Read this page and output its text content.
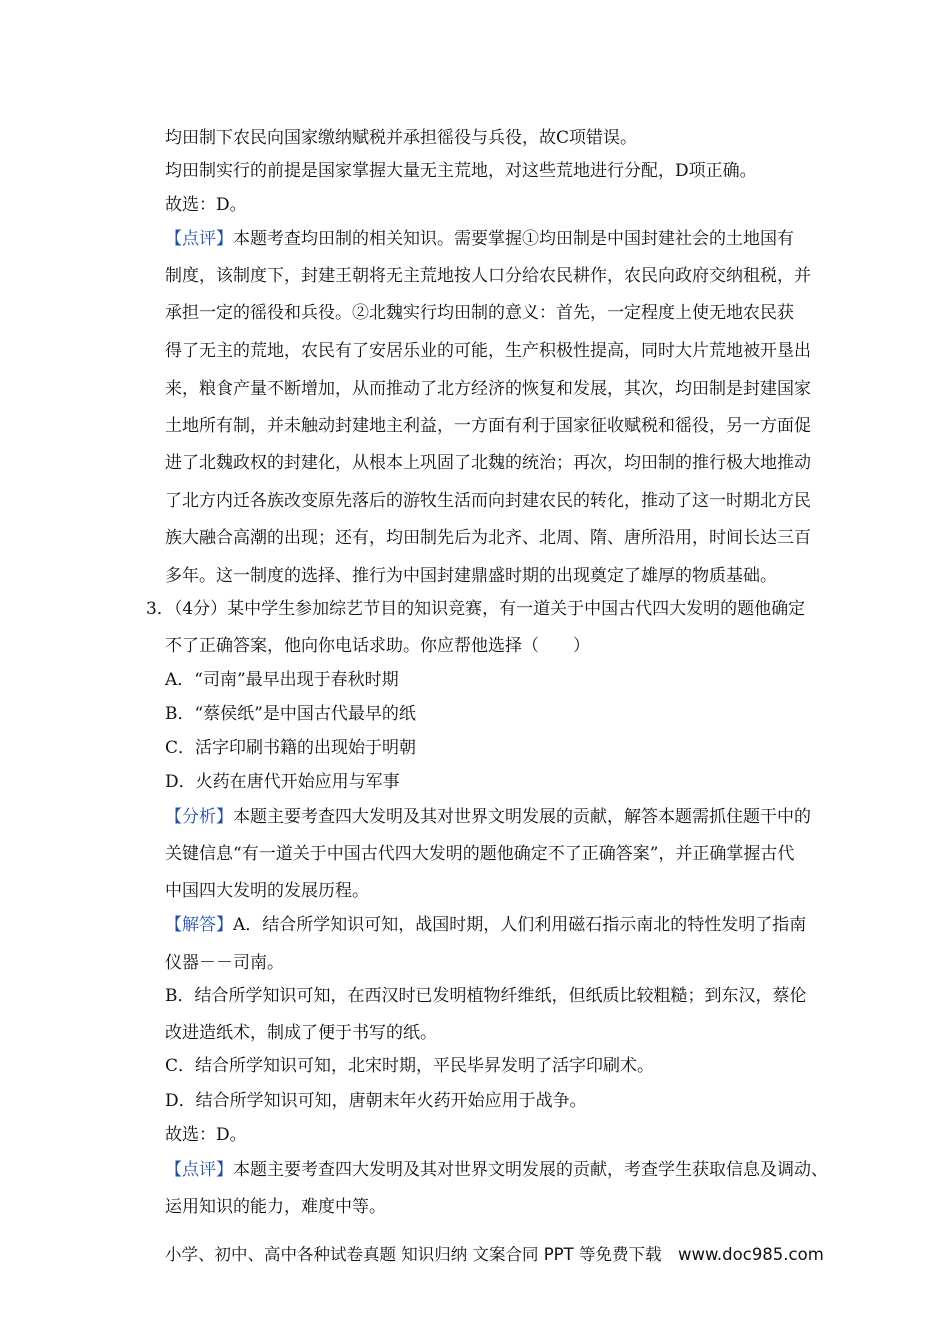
均田制下农民向国家缴纳赋税并承担徭役与兵役，故C项错误。
均田制实行的前提是国家掌握大量无主荒地，对这些荒地进行分配，D项正确。
故选：D。
【点评】本题考查均田制的相关知识。需要掌握①均田制是中国封建社会的土地国有
制度，该制度下，封建王朝将无主荒地按人口分给农民耕作，农民向政府交纳租税，并
承担一定的徭役和兵役。②北魏实行均田制的意义：首先，一定程度上使无地农民获
得了无主的荒地，农民有了安居乐业的可能，生产积极性提高，同时大片荒地被开垦出
来，粮食产量不断增加，从而推动了北方经济的恢复和发展，其次，均田制是封建国家
土地所有制，并未触动封建地主利益，一方面有利于国家征收赋税和徭役，另一方面促
进了北魏政权的封建化，从根本上巩固了北魏的统治；再次，均田制的推行极大地推动
了北方内迁各族改变原先落后的游牧生活而向封建农民的转化，推动了这一时期北方民
族大融合高潮的出现；还有，均田制先后为北齐、北周、隋、唐所沿用，时间长达三百
多年。这一制度的选择、推行为中国封建鼎盛时期的出现奠定了雄厚的物质基础。
3．（4分）某中学生参加综艺节目的知识竞赛，有一道关于中国古代四大发明的题他确定
不了正确答案，他向你电话求助。你应帮他选择（　　）
A．“司南”最早出现于春秋时期
B．“蔡侯纸”是中国古代最早的纸
C．活字印刷书籍的出现始于明朝
D．火药在唐代开始应用与军事
【分析】本题主要考查四大发明及其对世界文明发展的贡献，解答本题需抓住题干中的
关键信息“有一道关于中国古代四大发明的题他确定不了正确答案”，并正确掌握古代
中国四大发明的发展历程。
【解答】A．结合所学知识可知，战国时期，人们利用磁石指示南北的特性发明了指南
仪器－－司南。
B．结合所学知识可知，在西汉时已发明植物纤维纸，但纸质比较粗糙；到东汉，蔡伦
改进造纸术，制成了便于书写的纸。
C．结合所学知识可知，北宋时期，平民毕昇发明了活字印刷术。
D．结合所学知识可知，唐朝末年火药开始应用于战争。
故选：D。
【点评】本题主要考查四大发明及其对世界文明发展的贡献，考查学生获取信息及调动、
运用知识的能力，难度中等。
小学、初中、高中各种试卷真题 知识归纳 文案合同 PPT 等免费下载　www.doc985.com
